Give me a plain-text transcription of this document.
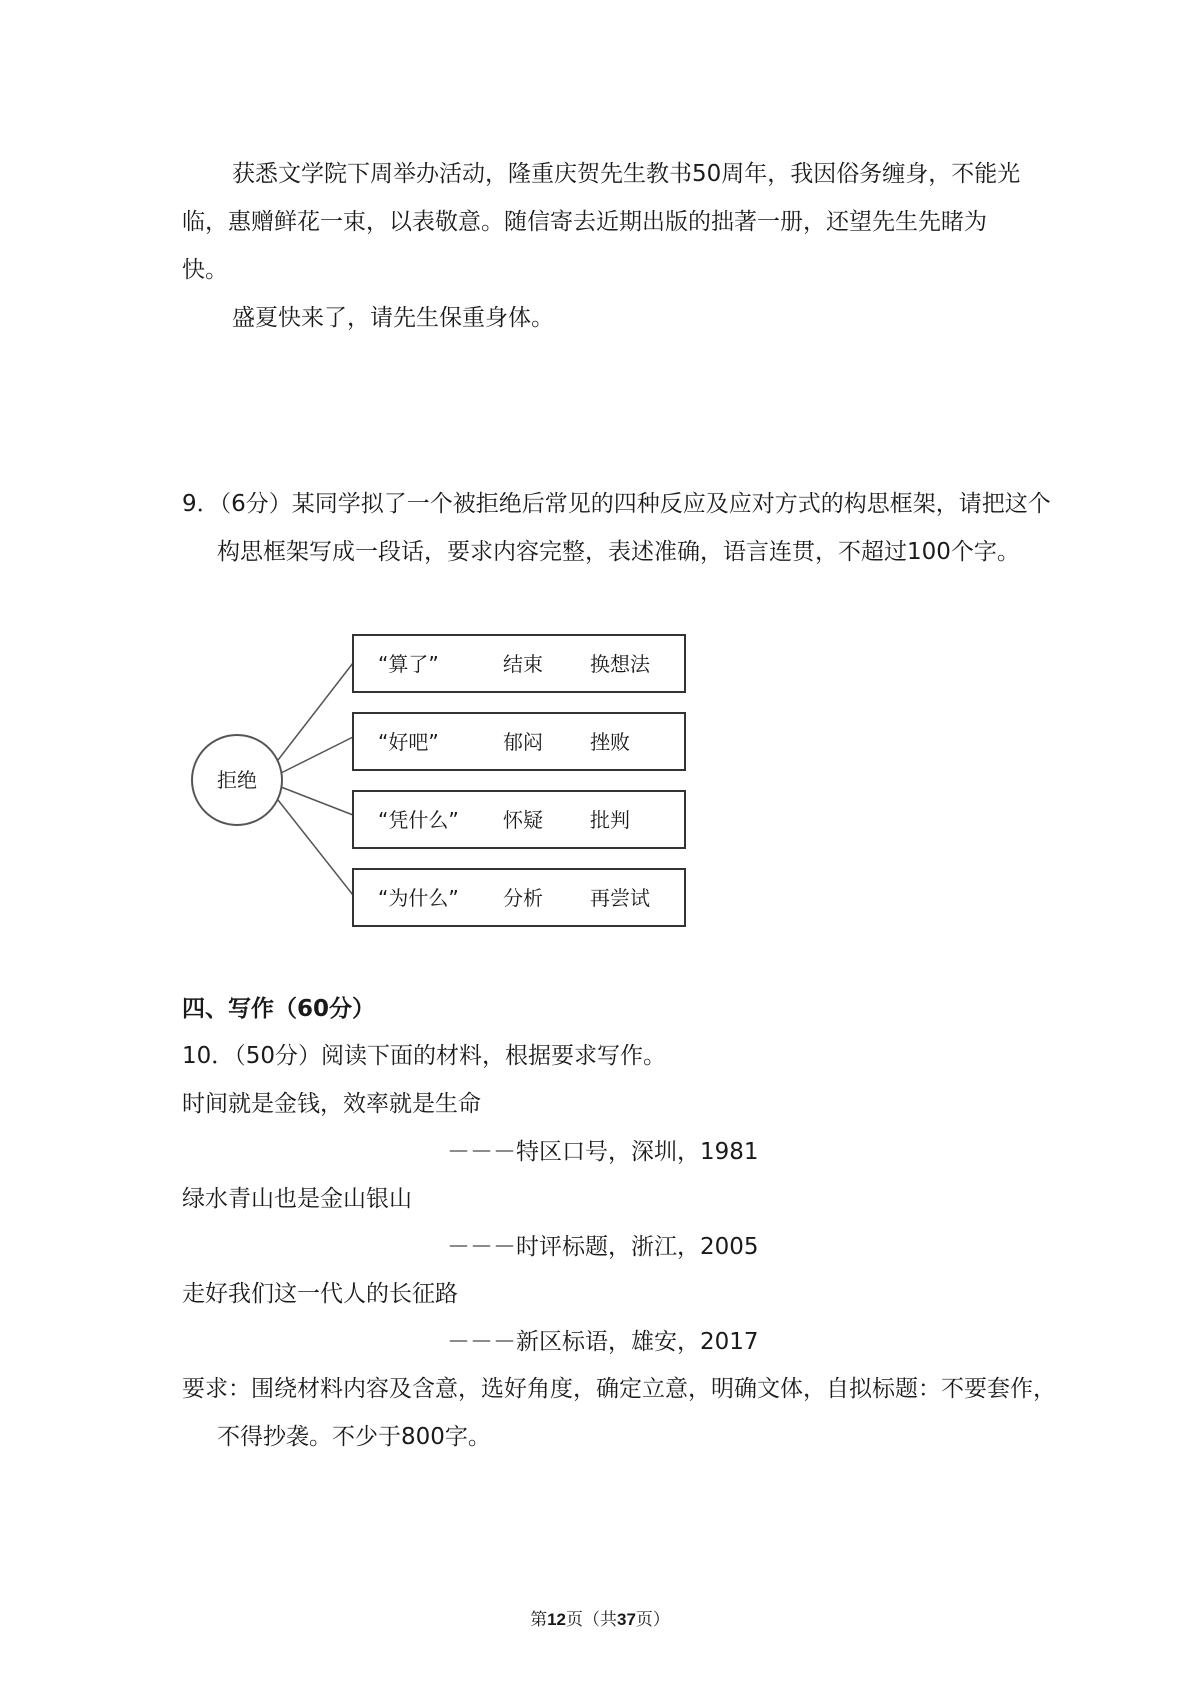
获悉文学院下周举办活动，隆重庆贺先生教书50周年，我因俗务缠身，不能光临，惠赠鲜花一束，以表敬意。随信寄去近期出版的拙著一册，还望先生先睹为快。

盛夏快来了，请先生保重身体。

9．（6分）某同学拟了一个被拒绝后常见的四种反应及应对方式的构思框架，请把这个构思框架写成一段话，要求内容完整，表述准确，语言连贯，不超过100个字。

拒绝
“算了”	结束 换想法
“好吧”	郁闷 挫败
“凭什么” 怀疑 批判
“为什么” 分析 再尝试
四、写作（60分）
10．（50分）阅读下面的材料，根据要求写作。
时间就是金钱，效率就是生命
－－－特区口号，深圳，1981
绿水青山也是金山银山
－－－时评标题，浙江，2005
走好我们这一代人的长征路
－－－新区标语，雄安，2017

要求：围绕材料内容及含意，选好角度，确定立意，明确文体，自拟标题：不要套作，不得抄袭。不少于800字。

第12页（共37页）
